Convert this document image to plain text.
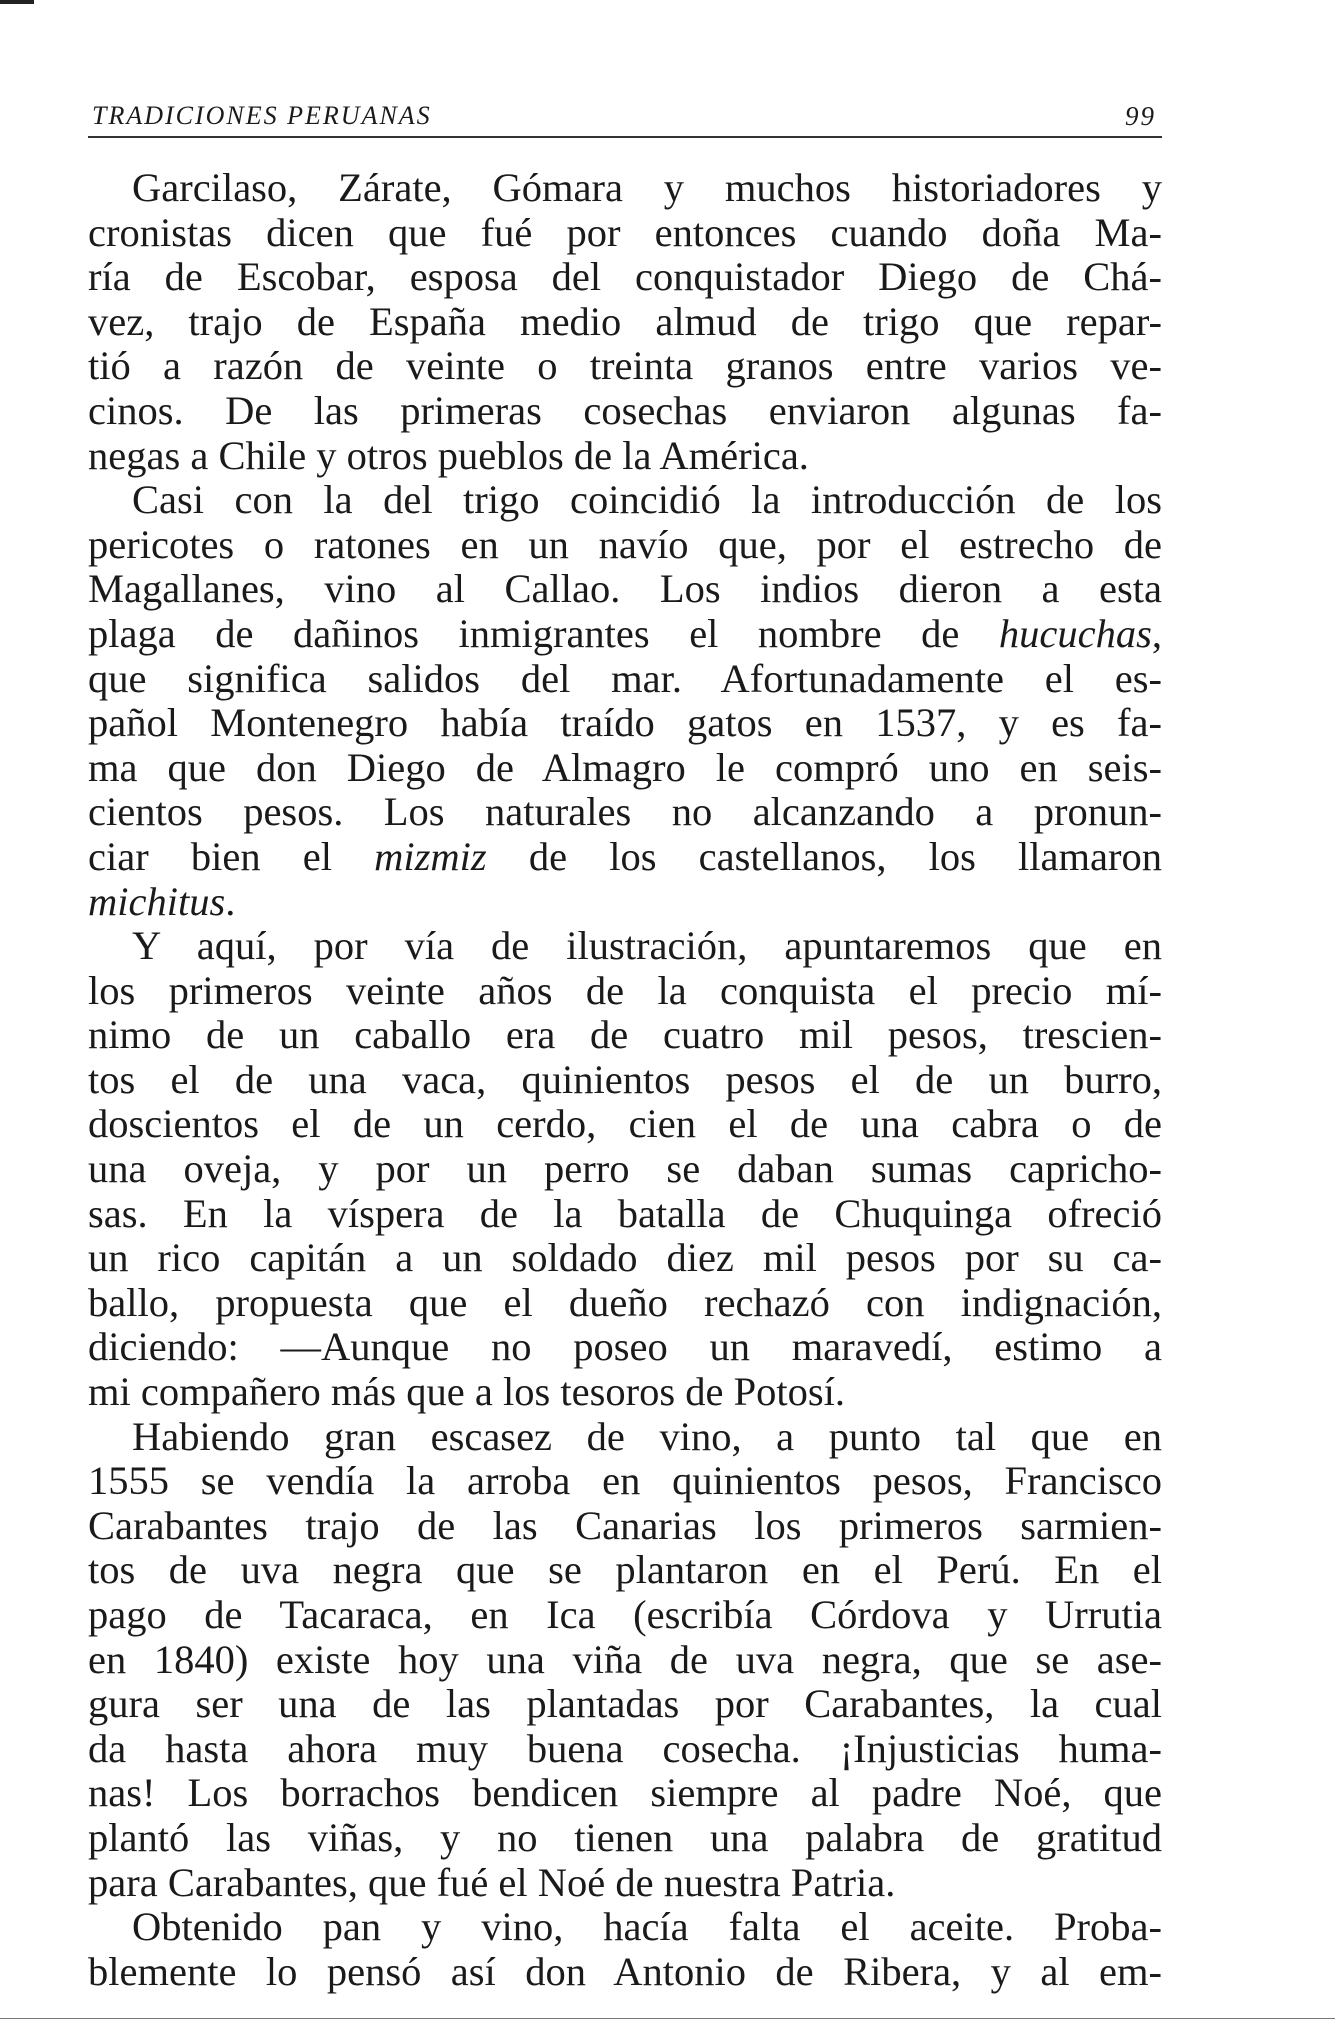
TRADICIONES PERUANAS	99

Garcilaso, Zárate, Gómara y muchos historiadores y
cronistas dicen que fué por entonces cuando doña Ma-
ría de Escobar, esposa del conquistador Diego de Chá-
vez, trajo de España medio almud de trigo que repar-
tió a razón de veinte o treinta granos entre varios ve-
cinos. De las primeras cosechas enviaron algunas fa-
negas a Chile y otros pueblos de la América.

Casi con la del trigo coincidió la introducción de los
pericotes o ratones en un navío que, por el estrecho de
Magallanes, vino al Callao. Los indios dieron a esta
plaga de dañinos inmigrantes el nombre de hucuchas,
que significa salidos del mar. Afortunadamente el es-
pañol Montenegro había traído gatos en 1537, y es fa-
ma que don Diego de Almagro le compró uno en seis-
cientos pesos. Los naturales no alcanzando a pronun-
ciar bien el mizmiz de los castellanos, los llamaron
michitus.

Y aquí, por vía de ilustración, apuntaremos que en
los primeros veinte años de la conquista el precio mí-
nimo de un caballo era de cuatro mil pesos, trescien-
tos el de una vaca, quinientos pesos el de un burro,
doscientos el de un cerdo, cien el de una cabra o de
una oveja, y por un perro se daban sumas capricho-
sas. En la víspera de la batalla de Chuquinga ofreció
un rico capitán a un soldado diez mil pesos por su ca-
ballo, propuesta que el dueño rechazó con indignación,
diciendo: —Aunque no poseo un maravedí, estimo a
mi compañero más que a los tesoros de Potosí.

Habiendo gran escasez de vino, a punto tal que en
1555 se vendía la arroba en quinientos pesos, Francisco
Carabantes trajo de las Canarias los primeros sarmien-
tos de uva negra que se plantaron en el Perú. En el
pago de Tacaraca, en Ica (escribía Córdova y Urrutia
en 1840) existe hoy una viña de uva negra, que se ase-
gura ser una de las plantadas por Carabantes, la cual
da hasta ahora muy buena cosecha. ¡Injusticias huma-
nas! Los borrachos bendicen siempre al padre Noé, que
plantó las viñas, y no tienen una palabra de gratitud
para Carabantes, que fué el Noé de nuestra Patria.

Obtenido pan y vino, hacía falta el aceite. Proba-
blemente lo pensó así don Antonio de Ribera, y al em-
